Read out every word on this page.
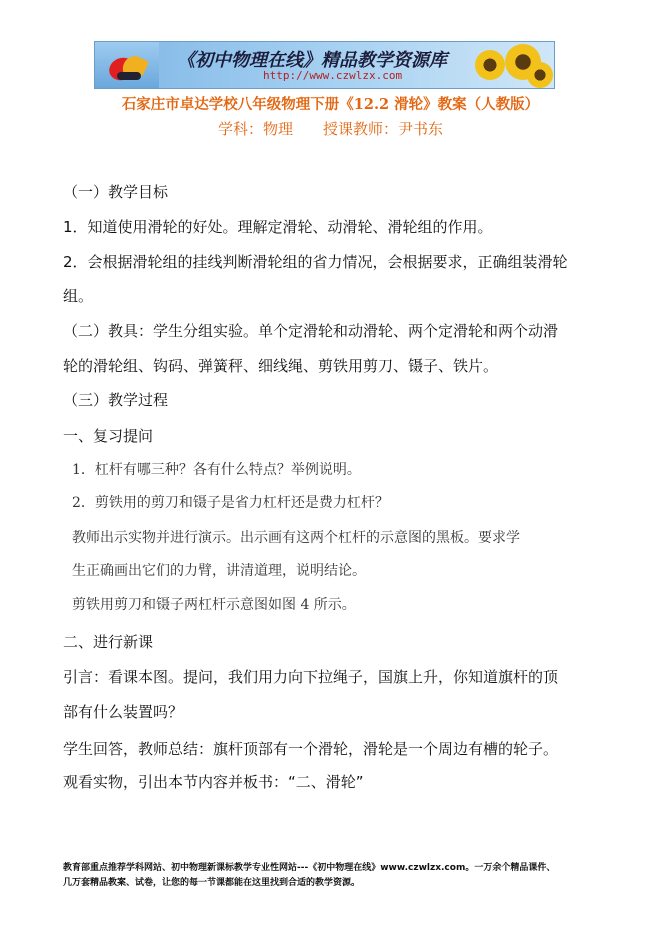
《初中物理在线》精品教学资源库
http://www.czwlzx.com
石家庄市卓达学校八年级物理下册《12.2 滑轮》教案（人教版）
学科：物理　　授课教师：尹书东
（一）教学目标
1．知道使用滑轮的好处。理解定滑轮、动滑轮、滑轮组的作用。
2．会根据滑轮组的挂线判断滑轮组的省力情况，会根据要求，正确组装滑轮
组。
（二）教具：学生分组实验。单个定滑轮和动滑轮、两个定滑轮和两个动滑
轮的滑轮组、钩码、弹簧秤、细线绳、剪铁用剪刀、镊子、铁片。
（三）教学过程
一、复习提问
1．杠杆有哪三种？各有什么特点？举例说明。
2．剪铁用的剪刀和镊子是省力杠杆还是费力杠杆？
教师出示实物并进行演示。出示画有这两个杠杆的示意图的黑板。要求学
生正确画出它们的力臂，讲清道理，说明结论。
剪铁用剪刀和镊子两杠杆示意图如图 4 所示。
二、进行新课
引言：看课本图。提问，我们用力向下拉绳子，国旗上升，你知道旗杆的顶
部有什么装置吗？
学生回答，教师总结：旗杆顶部有一个滑轮，滑轮是一个周边有槽的轮子。
观看实物，引出本节内容并板书：“二、滑轮”
教育部重点推荐学科网站、初中物理新课标教学专业性网站---《初中物理在线》www.czwlzx.com。一万余个精品课件、
几万套精品教案、试卷，让您的每一节课都能在这里找到合适的教学资源。
